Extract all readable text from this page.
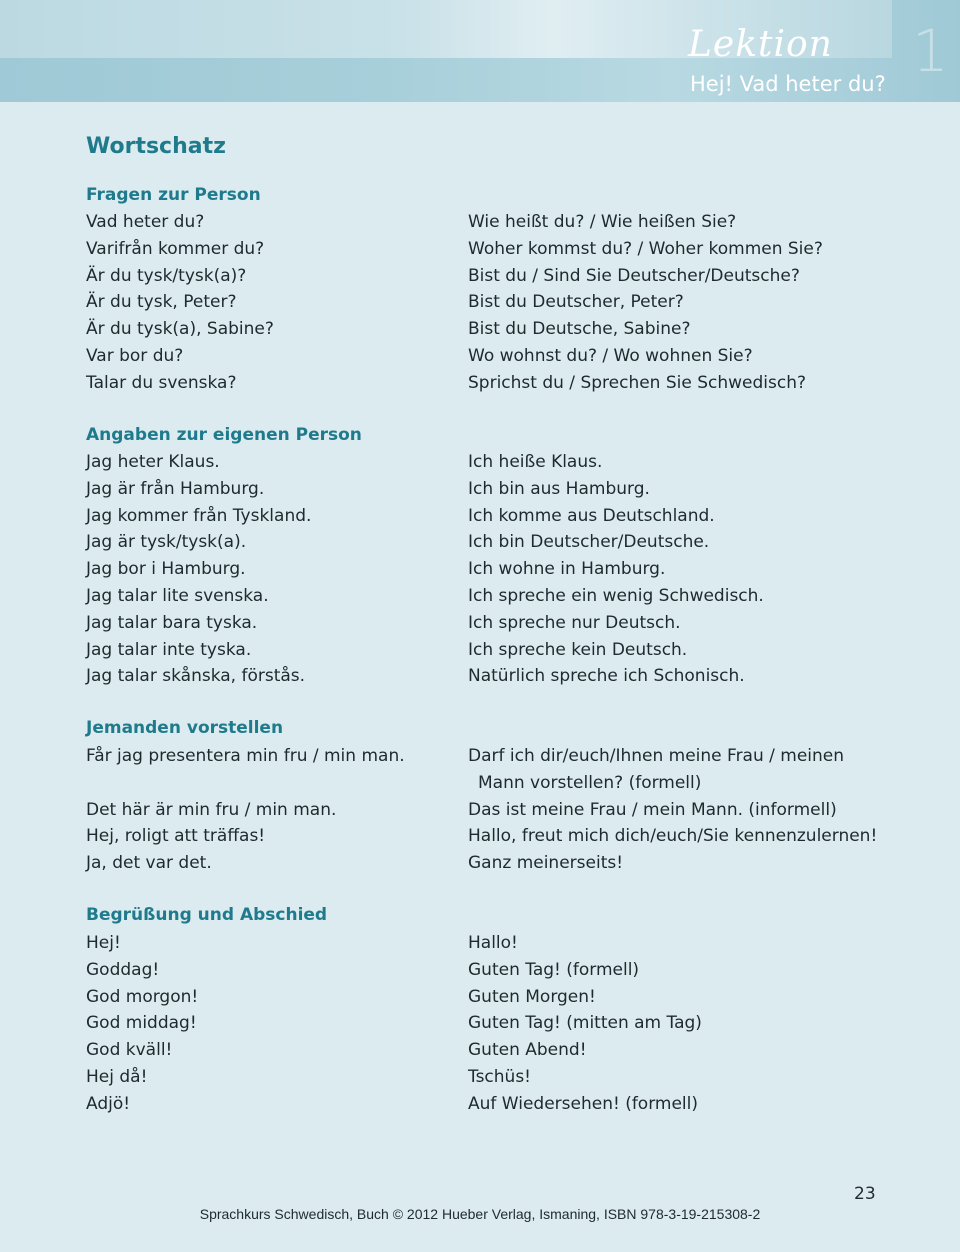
Lektion
Hej! Vad heter du? 1
Wortschatz
Fragen zur Person
Vad heter du?
Varifrån kommer du?
Är du tysk/tysk(a)?
Är du tysk, Peter?
Är du tysk(a), Sabine?
Var bor du?
Talar du svenska?
Wie heißt du? / Wie heißen Sie?
Woher kommst du? / Woher kommen Sie?
Bist du / Sind Sie Deutscher/Deutsche?
Bist du Deutscher, Peter?
Bist du Deutsche, Sabine?
Wo wohnst du? / Wo wohnen Sie?
Sprichst du / Sprechen Sie Schwedisch?
Angaben zur eigenen Person
Jag heter Klaus.
Jag är från Hamburg.
Jag kommer från Tyskland.
Jag är tysk/tysk(a).
Jag bor i Hamburg.
Jag talar lite svenska.
Jag talar bara tyska.
Jag talar inte tyska.
Jag talar skånska, förstås.
Ich heiße Klaus.
Ich bin aus Hamburg.
Ich komme aus Deutschland.
Ich bin Deutscher/Deutsche.
Ich wohne in Hamburg.
Ich spreche ein wenig Schwedisch.
Ich spreche nur Deutsch.
Ich spreche kein Deutsch.
Natürlich spreche ich Schonisch.
Jemanden vorstellen
Får jag presentera min fru / min man.
Det här är min fru / min man.
Hej, roligt att träffas!
Ja, det var det.
Darf ich dir/euch/Ihnen meine Frau / meinen
Mann vorstellen? (formell)
Das ist meine Frau / mein Mann. (informell)
Hallo, freut mich dich/euch/Sie kennenzulernen!
Ganz meinerseits!
Begrüßung und Abschied
Hej!
Goddag!
God morgon!
God middag!
God kväll!
Hej då!
Adjö!
Hallo!
Guten Tag! (formell)
Guten Morgen!
Guten Tag! (mitten am Tag)
Guten Abend!
Tschüs!
Auf Wiedersehen! (formell)
23
Sprachkurs Schwedisch, Buch © 2012 Hueber Verlag, Ismaning, ISBN 978-3-19-215308-2
